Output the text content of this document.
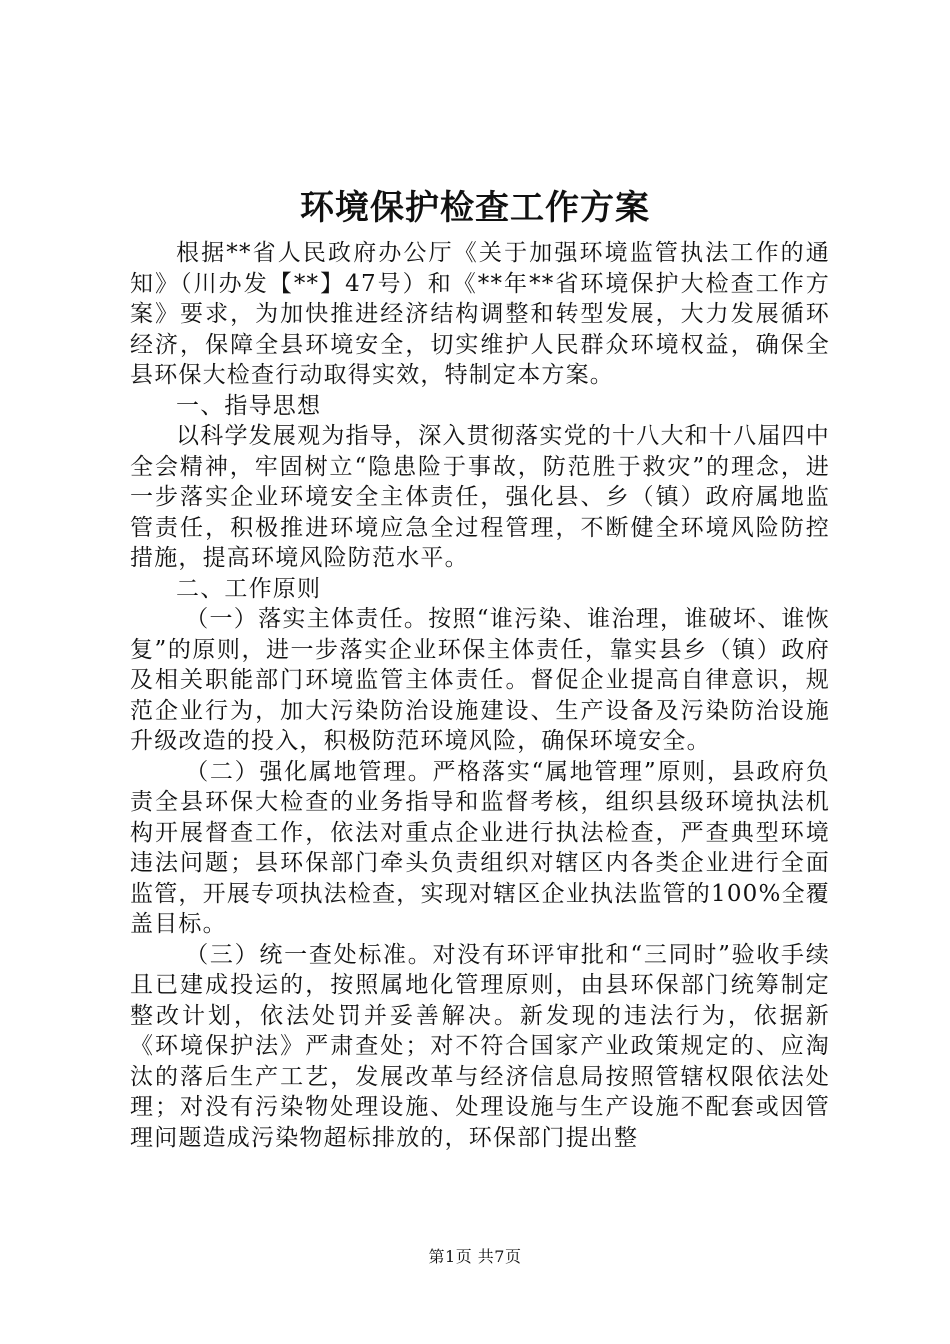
环境保护检查工作方案

根据**省人民政府办公厅《关于加强环境监管执法工作的通知》（川办发【**】47号）和《**年**省环境保护大检查工作方案》要求，为加快推进经济结构调整和转型发展，大力发展循环经济，保障全县环境安全，切实维护人民群众环境权益，确保全县环保大检查行动取得实效，特制定本方案。

一、指导思想

以科学发展观为指导，深入贯彻落实党的十八大和十八届四中全会精神，牢固树立“隐患险于事故，防范胜于救灾”的理念，进一步落实企业环境安全主体责任，强化县、乡（镇）政府属地监管责任，积极推进环境应急全过程管理，不断健全环境风险防控措施，提高环境风险防范水平。

二、工作原则

（一）落实主体责任。按照“谁污染、谁治理，谁破坏、谁恢复”的原则，进一步落实企业环保主体责任，靠实县乡（镇）政府及相关职能部门环境监管主体责任。督促企业提高自律意识，规范企业行为，加大污染防治设施建设、生产设备及污染防治设施升级改造的投入，积极防范环境风险，确保环境安全。

（二）强化属地管理。严格落实“属地管理”原则，县政府负责全县环保大检查的业务指导和监督考核，组织县级环境执法机构开展督查工作，依法对重点企业进行执法检查，严查典型环境违法问题；县环保部门牵头负责组织对辖区内各类企业进行全面监管，开展专项执法检查，实现对辖区企业执法监管的100%全覆盖目标。

（三）统一查处标准。对没有环评审批和“三同时”验收手续且已建成投运的，按照属地化管理原则，由县环保部门统筹制定整改计划，依法处罚并妥善解决。新发现的违法行为，依据新《环境保护法》严肃查处；对不符合国家产业政策规定的、应淘汰的落后生产工艺，发展改革与经济信息局按照管辖权限依法处理；对没有污染物处理设施、处理设施与生产设施不配套或因管理问题造成污染物超标排放的，环保部门提出整

第1页 共7页
